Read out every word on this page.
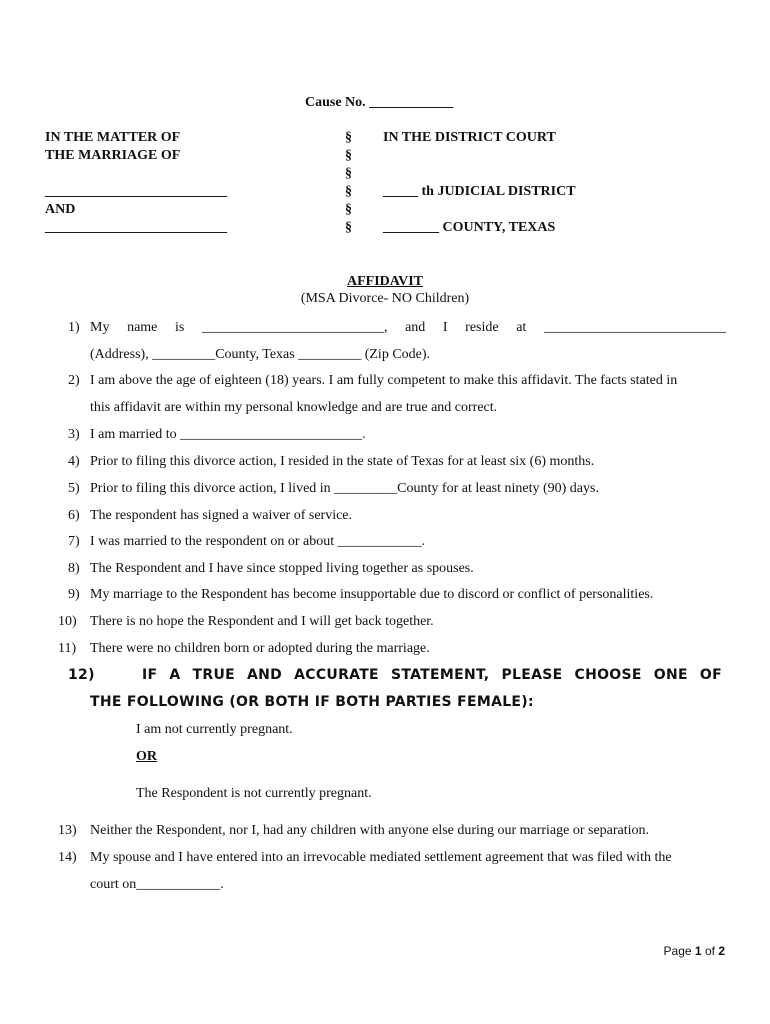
Cause No. ____________
IN THE MATTER OF
THE MARRIAGE OF
__________________________
AND
__________________________
§
§
§
§
§
§
IN THE DISTRICT COURT
_____ th JUDICIAL DISTRICT
________ COUNTY, TEXAS
AFFIDAVIT
(MSA Divorce- NO Children)
1) My name is __________________________, and I reside at __________________________
(Address), _________County, Texas _________ (Zip Code).
2) I am above the age of eighteen (18) years. I am fully competent to make this affidavit. The facts stated in
this affidavit are within my personal knowledge and are true and correct.
3) I am married to __________________________.
4) Prior to filing this divorce action, I resided in the state of Texas for at least six (6) months.
5) Prior to filing this divorce action, I lived in _________County for at least ninety (90) days.
6) The respondent has signed a waiver of service.
7) I was married to the respondent on or about ____________.
8) The Respondent and I have since stopped living together as spouses.
9) My marriage to the Respondent has become insupportable due to discord or conflict of personalities.
10) There is no hope the Respondent and I will get back together.
11) There were no children born or adopted during the marriage.
12)	IF A TRUE AND ACCURATE STATEMENT, PLEASE CHOOSE ONE OF
THE FOLLOWING (OR BOTH IF BOTH PARTIES FEMALE):
I am not currently pregnant.
OR
The Respondent is not currently pregnant.
13) Neither the Respondent, nor I, had any children with anyone else during our marriage or separation.
14) My spouse and I have entered into an irrevocable mediated settlement agreement that was filed with the
court on____________.
Page 1 of 2
